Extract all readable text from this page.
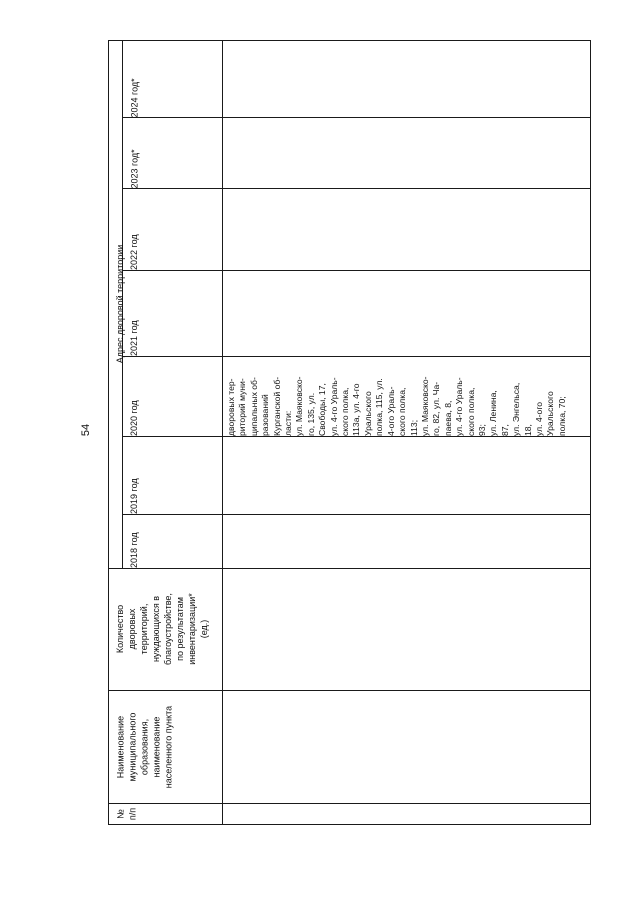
54
Адрес дворовой территории
2018 год
2019 год
2020 год
2021 год
2022 год
2023 год*
2024 год*
Количество дворовых территорий, нуждающихся в благоустройстве, по результатам инвентаризации* (ед.)
Наименование муниципального образования, наименование населенного пункта
№ п/п
дворовых тер- риторий муни- ципальных об- разований Курганской об- ласти: ул. Маяковско- го, 135, ул. Свободы, 17, ул. 4-го Ураль- ского полка, 113а, ул. 4-го Уральского полка, 115, ул. 4-ого Ураль- ского полка, 113; ул. Маяковско- го, 82, ул. Ча- паева, 8, ул. 4-го Ураль- ского полка, 93; ул. Ленина, 87, ул. Энгельса, 18, ул. 4-ого Уральского полка, 70;
